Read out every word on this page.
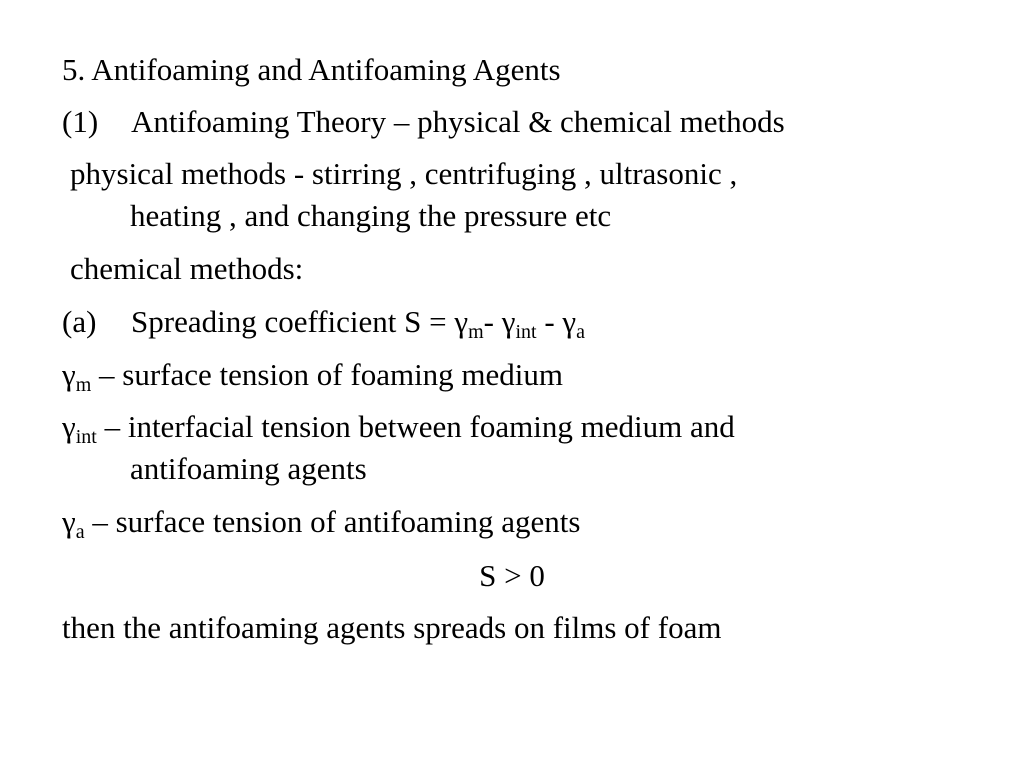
5. Antifoaming and Antifoaming Agents
(1) Antifoaming Theory – physical & chemical methods
physical methods - stirring , centrifuging , ultrasonic ,
heating , and changing the pressure etc
chemical methods:
(a) Spreading coefficient $S = \gamma_m-$ $\gamma_{int} - \gamma_a$
$\gamma_m$ – surface tension of foaming medium
$\gamma_{int}$ – interfacial tension between foaming medium and
antifoaming agents
$\gamma_a$ – surface tension of antifoaming agents
S > 0
then the antifoaming agents spreads on films of foam
